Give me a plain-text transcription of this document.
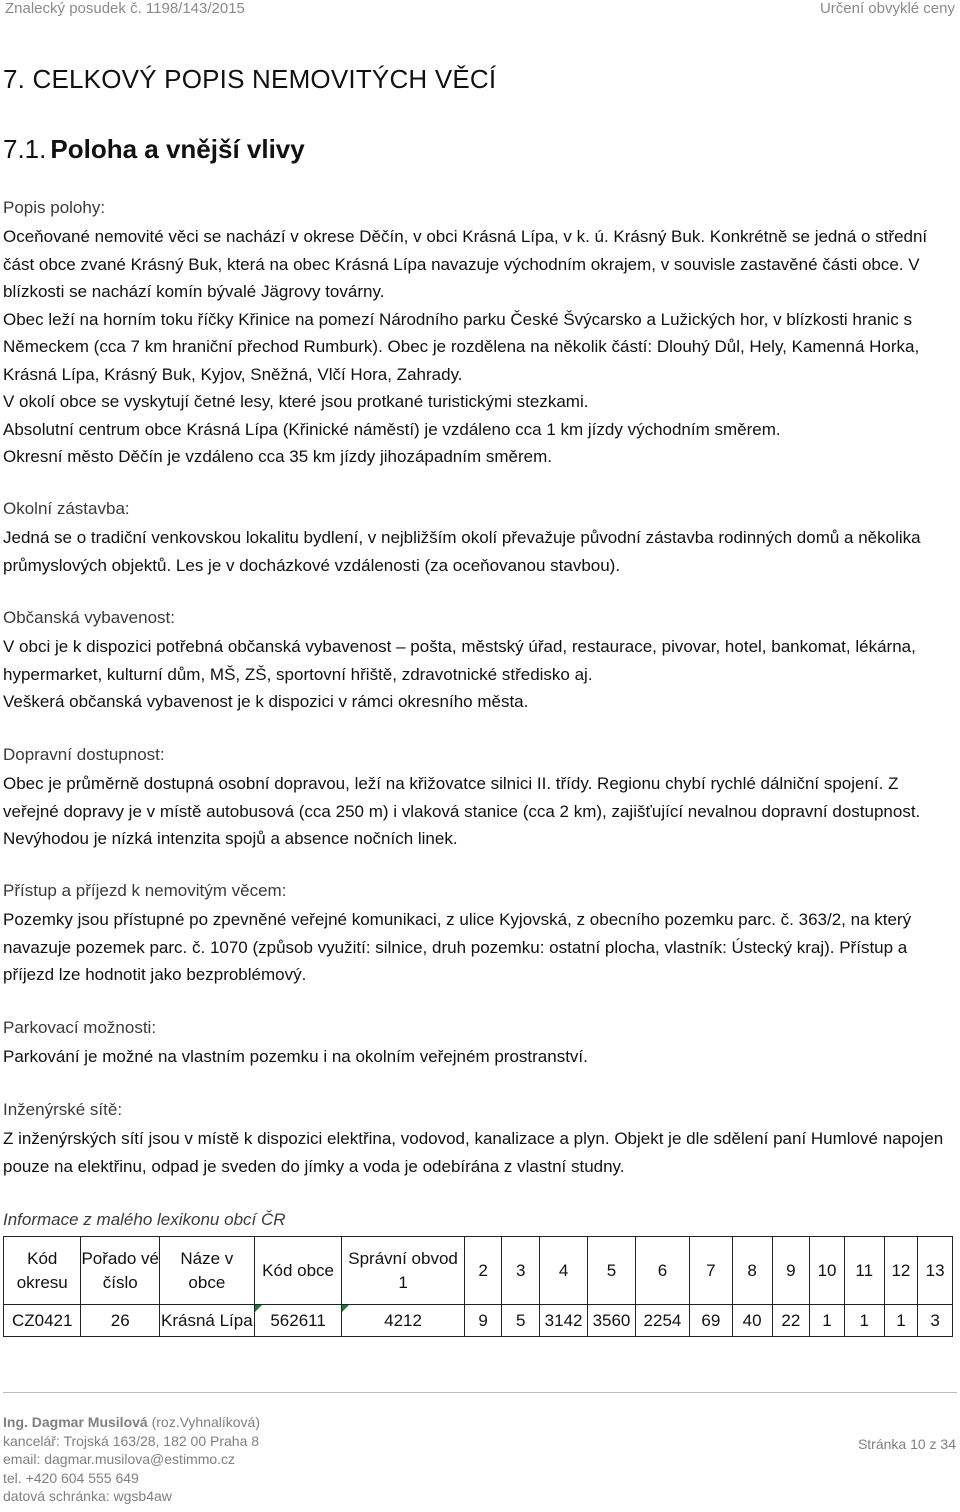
Znalecký posudek č. 1198/143/2015	Určení obvyklé ceny
7. CELKOVÝ POPIS NEMOVITÝCH VĚCÍ
7.1. Poloha a vnější vlivy

Popis polohy:

Oceňované nemovité věci se nachází v okrese Děčín, v obci Krásná Lípa, v k. ú. Krásný Buk. Konkrétně se jedná o střední část obce zvané Krásný Buk, která na obec Krásná Lípa navazuje východním okrajem, v souvisle zastavěné části obce. V blízkosti se nachází komín bývalé Jägrovy továrny.

Obec leží na horním toku říčky Křinice na pomezí Národního parku České Švýcarsko a Lužických hor, v blízkosti hranic s Německem (cca 7 km hraniční přechod Rumburk). Obec je rozdělena na několik částí: Dlouhý Důl, Hely, Kamenná Horka, Krásná Lípa, Krásný Buk, Kyjov, Sněžná, Vlčí Hora, Zahrady.

V okolí obce se vyskytují četné lesy, které jsou protkané turistickými stezkami.

Absolutní centrum obce Krásná Lípa (Křinické náměstí) je vzdáleno cca 1 km jízdy východním směrem.

Okresní město Děčín je vzdáleno cca 35 km jízdy jihozápadním směrem.

Okolní zástavba:

Jedná se o tradiční venkovskou lokalitu bydlení, v nejbližším okolí převažuje původní zástavba rodinných domů a několika průmyslových objektů. Les je v docházkové vzdálenosti (za oceňovanou stavbou).

Občanská vybavenost:

V obci je k dispozici potřebná občanská vybavenost – pošta, městský úřad, restaurace, pivovar, hotel, bankomat, lékárna, hypermarket, kulturní dům, MŠ, ZŠ, sportovní hřiště, zdravotnické středisko aj.

Veškerá občanská vybavenost je k dispozici v rámci okresního města.

Dopravní dostupnost:

Obec je průměrně dostupná osobní dopravou, leží na křižovatce silnici II. třídy. Regionu chybí rychlé dálniční spojení. Z veřejné dopravy je v místě autobusová (cca 250 m) i vlaková stanice (cca 2 km), zajišťující nevalnou dopravní dostupnost. Nevýhodou je nízká intenzita spojů a absence nočních linek.

Přístup a příjezd k nemovitým věcem:

Pozemky jsou přístupné po zpevněné veřejné komunikaci, z ulice Kyjovská, z obecního pozemku parc. č. 363/2, na který navazuje pozemek parc. č. 1070 (způsob využití: silnice, druh pozemku: ostatní plocha, vlastník: Ústecký kraj). Přístup a příjezd lze hodnotit jako bezproblémový.

Parkovací možnosti:

Parkování je možné na vlastním pozemku i na okolním veřejném prostranství.

Inženýrské sítě:

Z inženýrských sítí jsou v místě k dispozici elektřina, vodovod, kanalizace a plyn. Objekt je dle sdělení paní Humlové napojen pouze na elektřinu, odpad je sveden do jímky a voda je odebírána z vlastní studny.

Informace z malého lexikonu obcí ČR

Kód okresu	Pořado vé číslo	Náze v obce	Kód obce	Správní obvod 1	2	3	4	5	6	7	8	9	10	11	12	13
CZ0421	26	Krásná Lípa	562611	4212	9	5	3142	3560	2254	69	40	22	1	1	1	3
Ing. Dagmar Musilová (roz.Vyhnalíková)
kancelář: Trojská 163/28, 182 00 Praha 8
email: dagmar.musilova@estimmo.cz
tel. +420 604 555 649
datová schránka: wgsb4aw
Stránka 10 z 34
